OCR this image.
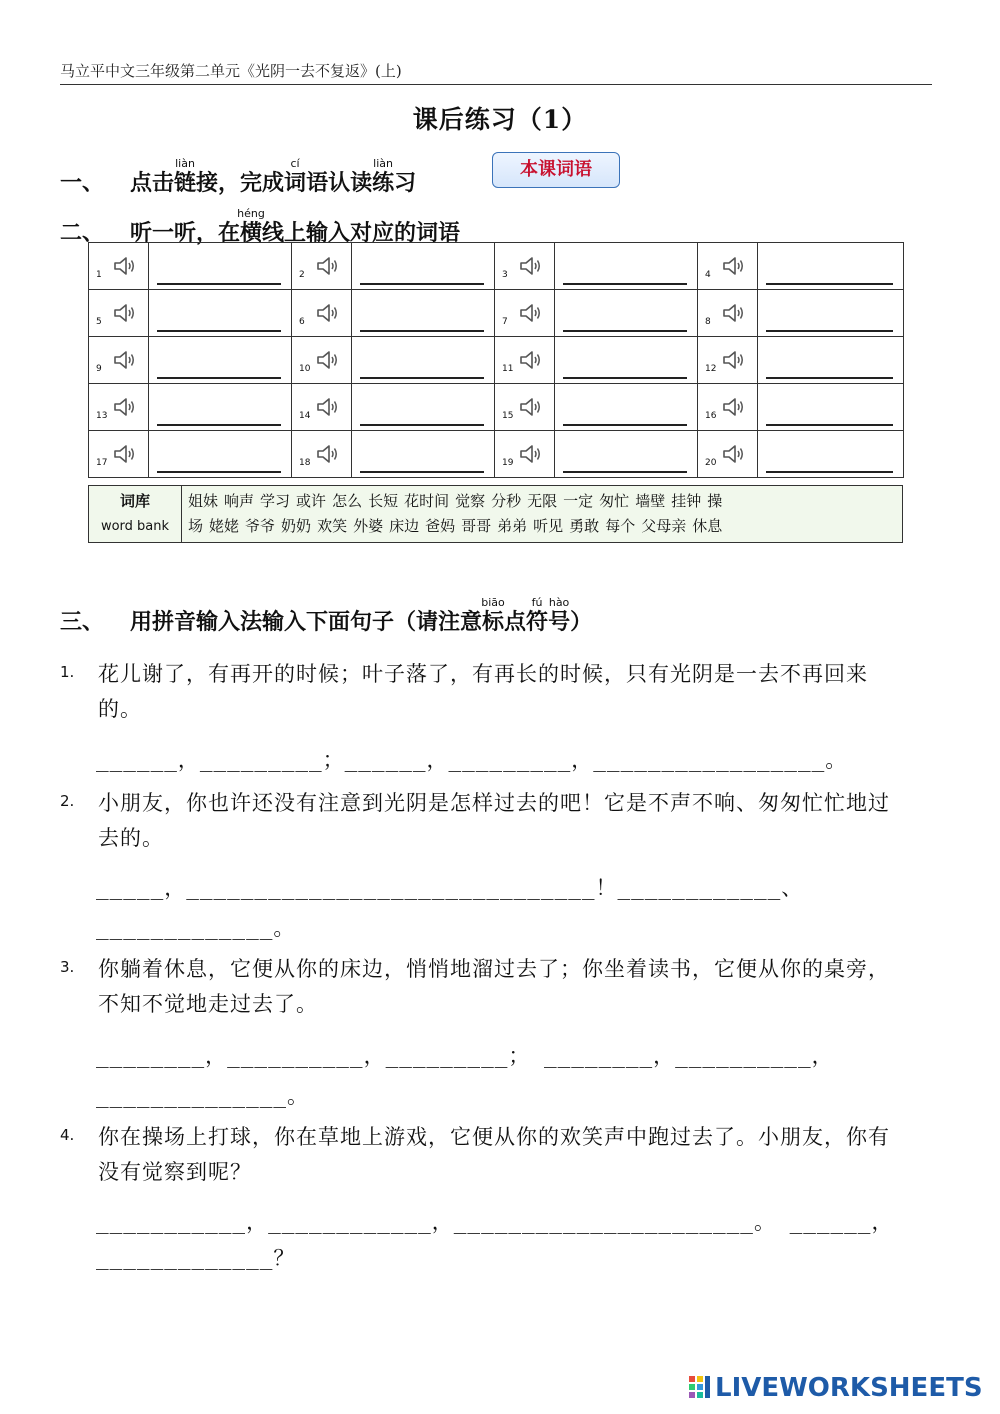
马立平中文三年级第二单元《光阴一去不复返》(上)
课后练习（1）
一、 点击链liàn接，完成词cí语认读练liàn习
本课词语
二、 听一听，在横héng线上输入对应的词语
1		2		3		4	

5		6		7		8	

9		10		11		12	

13		14		15		16	

17		18		19		20	

词库
word bank

姐妹 响声 学习 或许 怎么 长短 花时间 觉察 分秒 无限 一定 匆忙 墙壁 挂钟 操
场 姥姥 爷爷 奶奶 欢笑 外婆 床边 爸妈 哥哥 弟弟 听见 勇敢 每个 父母亲 休息
三、 用拼音输入法输入下面句子（请注意标biāo点符fú号hào）
1. 花儿谢了，有再开的时候；叶子落了，有再长的时候，只有光阴是一去不再回来的。
______，_________；______，_________，_________________。
2. 小朋友，你也许还没有注意到光阴是怎样过去的吧！它是不声不响、匆匆忙忙地过去的。
_____，______________________________！____________、
_____________。
3. 你躺着休息，它便从你的床边，悄悄地溜过去了；你坐着读书，它便从你的桌旁，不知不觉地走过去了。
________，__________，_________； ________，__________，
______________。
4. 你在操场上打球，你在草地上游戏，它便从你的欢笑声中跑过去了。小朋友，你有没有觉察到呢？
___________，____________，______________________。 ______，
_____________？
LIVEWORKSHEETS
